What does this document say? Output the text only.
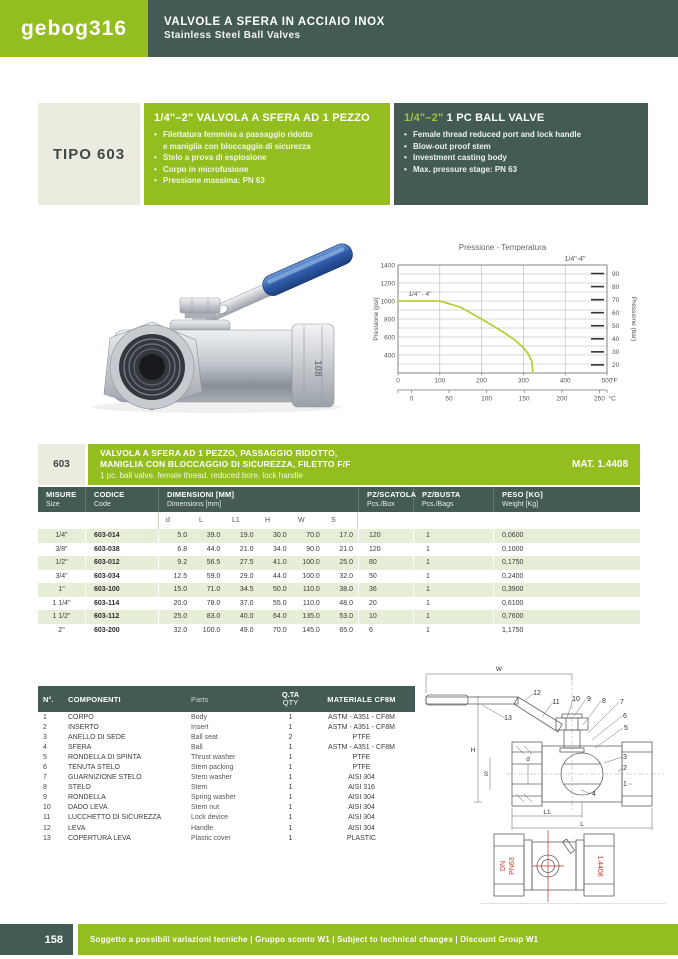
gebog316	VALVOLE A SFERA IN ACCIAIO INOX
Stainless Steel Ball Valves
TIPO 603
1/4"–2" VALVOLA A SFERA AD 1 PEZZO
• Filettatura femmina a passaggio ridotto
e maniglia con bloccaggio di sicurezza
• Stelo a prova di esplosione
• Corpo in microfusione
• Pressione massima: PN 63
1/4"–2" 1 PC BALL VALVE
• Female thread reduced port and lock handle
• Blow-out proof stem
• Investment casting body
• Max. pressure stage: PN 63
108
Pressione - Temperatura
1/4"-4"
400
600
800
1000
1200
1400
Pressione (psi)
20
30
40
50
60
70
80
90
Pressione (bar)
0	100	200	300	400	500
°F
0	50	100	150	200	250 °C
1/4" - 4"
603
VALVOLA A SFERA AD 1 PEZZO, PASSAGGIO RIDOTTO,
MANIGLIA CON BLOCCAGGIO DI SICUREZZA, FILETTO F/F
1 pc. ball valve. female thread. reduced bore. lock handle
MAT. 1.4408
MISURE
Size
CODICE
Code
DIMENSIONI [MM]
Dimensions [mm]
PZ/SCATOLA
Pcs./Box
PZ/BUSTA
Pcs./Bags
PESO [KG]
Weight [Kg]
d	L	L1	H	W	S
1/4"	603-014	5.0	39.0	19.0	30.0	70.0	17.0	120	1	0,0600
3/8"	603-038	6.8	44.0	21.0	34.0	90.0	21.0	120	1	0,1000
1/2"	603-012	9.2	56.5	27.5	41.0	100.0	25.0	80	1	0,1750
3/4"	603-034	12.5	59.0	29.0	44.0	100.0	32.0	50	1	0,2400
1"	603-100	15.0	71.0	34.5	50.0	110.0	38.0	36	1	0,3900
1 1/4"	603-114	20.0	78.0	37.0	55.0	110.0	48.0	20	1	0,6100
1 1/2"	603-112	25.0	83.0	40.0	64.0	135.0	53.0	10	1	0,7600
2"	603-200	32.0	100.0	49.0	70.0	145.0	65.0	6	1	1,1750
N°.	COMPONENTI	Parts	Q.TA
QTY	MATERIALE CF8M
1	CORPO	Body	1	ASTM - A351 - CF8M
2	INSERTO	Insert	1	ASTM - A351 - CF8M
3	ANELLO DI SEDE	Ball seat	2	PTFE
4	SFERA	Ball	1	ASTM - A351 - CF8M
5	RONDELLA DI SPINTA	Thrust washer	1	PTFE
6	TENUTA STELO	Stem packing	1	PTFE
7	GUARNIZIONE STELO	Stem washer	1	AISI 304
8	STELO	Stem	1	AISI 316
9	RONDELLA	Spring washer	1	AISI 304
10	DADO LEVA	Stem nut	1	AISI 304
11	LUCCHETTO DI SICUREZZA	Lock device	1	AISI 304
12	LEVA	Handle	1	AISI 304
13	COPERTURA LEVA	Plastic cover	1	PLASTIC
1
2
3
4
5
6
7
8
9
10
11
12
13
W
H
S
d
L1
L
DN PN63	1.4408
158	Soggetto a possibili variazioni tecniche | Gruppo sconto W1 | Subject to technical changes | Discount Group W1
